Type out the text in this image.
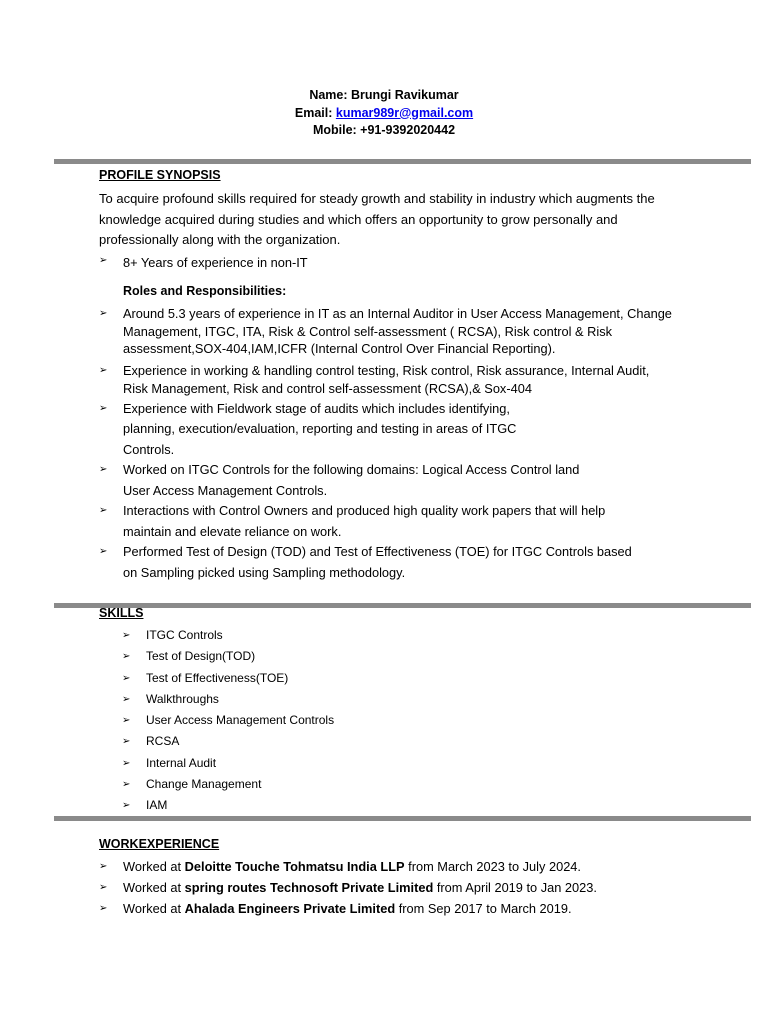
Name: Brungi Ravikumar
Email: kumar989r@gmail.com
Mobile: +91-9392020442
PROFILE SYNOPSIS
To acquire profound skills required for steady growth and stability in industry which augments the knowledge acquired during studies and which offers an opportunity to grow personally and professionally along with the organization.
➢ 8+ Years of experience in non-IT
Roles and Responsibilities:
➢ Around 5.3 years of experience in IT as an Internal Auditor in User Access Management, Change Management, ITGC, ITA, Risk & Control self-assessment ( RCSA), Risk control & Risk assessment,SOX-404,IAM,ICFR (Internal Control Over Financial Reporting).
➢ Experience in working & handling control testing, Risk control, Risk assurance, Internal Audit, Risk Management, Risk and control self-assessment (RCSA),& Sox-404
➢ Experience with Fieldwork stage of audits which includes identifying, planning, execution/evaluation, reporting and testing in areas of ITGC Controls.
➢ Worked on ITGC Controls for the following domains: Logical Access Control land User Access Management Controls.
➢ Interactions with Control Owners and produced high quality work papers that will help maintain and elevate reliance on work.
➢ Performed Test of Design (TOD) and Test of Effectiveness (TOE) for ITGC Controls based on Sampling picked using Sampling methodology.
SKILLS
➢ ITGC Controls
➢ Test of Design(TOD)
➢ Test of Effectiveness(TOE)
➢ Walkthroughs
➢ User Access Management Controls
➢ RCSA
➢ Internal Audit
➢ Change Management
➢ IAM
WORKEXPERIENCE
➢ Worked at Deloitte Touche Tohmatsu India LLP from March 2023 to July 2024.
➢ Worked at spring routes Technosoft Private Limited from April 2019 to Jan 2023.
➢ Worked at Ahalada Engineers Private Limited from Sep 2017 to March 2019.
